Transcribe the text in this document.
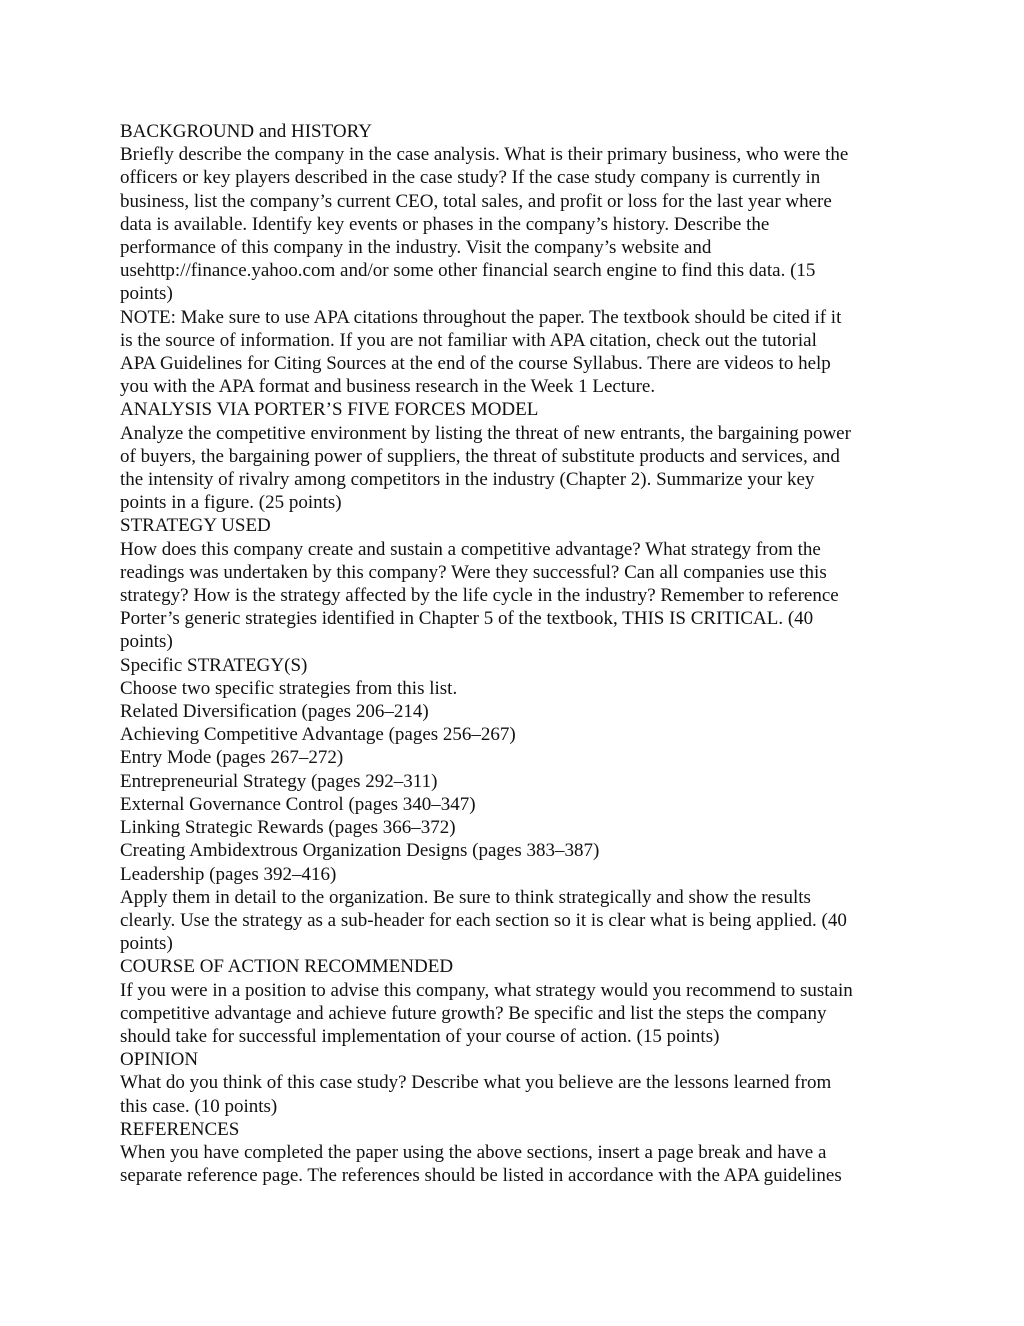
BACKGROUND and HISTORY
Briefly describe the company in the case analysis. What is their primary business, who were the
officers or key players described in the case study? If the case study company is currently in
business, list the company’s current CEO, total sales, and profit or loss for the last year where
data is available. Identify key events or phases in the company’s history. Describe the
performance of this company in the industry. Visit the company’s website and
usehttp://finance.yahoo.com and/or some other financial search engine to find this data. (15
points)
NOTE: Make sure to use APA citations throughout the paper. The textbook should be cited if it
is the source of information. If you are not familiar with APA citation, check out the tutorial
APA Guidelines for Citing Sources at the end of the course Syllabus. There are videos to help
you with the APA format and business research in the Week 1 Lecture.
ANALYSIS VIA PORTER’S FIVE FORCES MODEL
Analyze the competitive environment by listing the threat of new entrants, the bargaining power
of buyers, the bargaining power of suppliers, the threat of substitute products and services, and
the intensity of rivalry among competitors in the industry (Chapter 2). Summarize your key
points in a figure. (25 points)
STRATEGY USED
How does this company create and sustain a competitive advantage? What strategy from the
readings was undertaken by this company? Were they successful? Can all companies use this
strategy? How is the strategy affected by the life cycle in the industry? Remember to reference
Porter’s generic strategies identified in Chapter 5 of the textbook, THIS IS CRITICAL. (40
points)
Specific STRATEGY(S)
Choose two specific strategies from this list.
Related Diversification (pages 206–214)
Achieving Competitive Advantage (pages 256–267)
Entry Mode (pages 267–272)
Entrepreneurial Strategy (pages 292–311)
External Governance Control (pages 340–347)
Linking Strategic Rewards (pages 366–372)
Creating Ambidextrous Organization Designs (pages 383–387)
Leadership (pages 392–416)
Apply them in detail to the organization. Be sure to think strategically and show the results
clearly. Use the strategy as a sub-header for each section so it is clear what is being applied. (40
points)
COURSE OF ACTION RECOMMENDED
If you were in a position to advise this company, what strategy would you recommend to sustain
competitive advantage and achieve future growth? Be specific and list the steps the company
should take for successful implementation of your course of action. (15 points)
OPINION
What do you think of this case study? Describe what you believe are the lessons learned from
this case. (10 points)
REFERENCES
When you have completed the paper using the above sections, insert a page break and have a
separate reference page. The references should be listed in accordance with the APA guidelines
